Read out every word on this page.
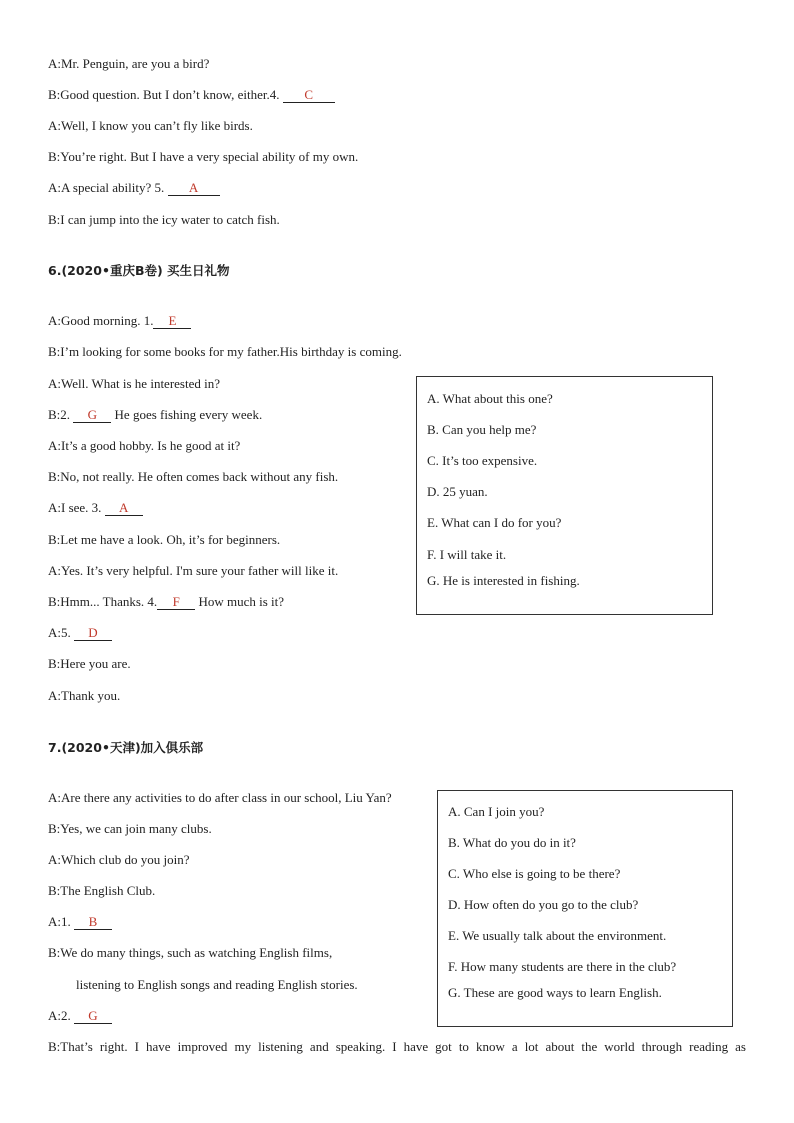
A:Mr. Penguin, are you a bird?
B:Good question. But I don’t know, either.4. C
A:Well, I know you can’t fly like birds.
B:You’re right. But I have a very special ability of my own.
A:A special ability? 5. A
B:I can jump into the icy water to catch fish.
6.(2020•重庆B卷) 买生日礼物
A:Good morning. 1. E
B:I’m looking for some books for my father.His birthday is coming.
A:Well. What is he interested in?
B:2. G He goes fishing every week.
A:It’s a good hobby. Is he good at it?
B:No, not really. He often comes back without any fish.
A:I see. 3. A
B:Let me have a look. Oh, it’s for beginners.
A:Yes. It’s very helpful. I'm sure your father will like it.
B:Hmm... Thanks. 4. F How much is it?
A:5. D
B:Here you are.
A:Thank you.
A. What about this one?
B. Can you help me?
C. It’s too expensive.
D. 25 yuan.
E. What can I do for you?
F. I will take it.
G. He is interested in fishing.
7.(2020•天津)加入俱乐部
A:Are there any activities to do after class in our school, Liu Yan?
B:Yes, we can join many clubs.
A:Which club do you join?
B:The English Club.
A:1. B
B:We do many things, such as watching English films,
listening to English songs and reading English stories.
A:2. G
B:That’s right. I have improved my listening and speaking. I have got to know a lot about the world through reading as
A. Can I join you?
B. What do you do in it?
C. Who else is going to be there?
D. How often do you go to the club?
E. We usually talk about the environment.
F. How many students are there in the club?
G. These are good ways to learn English.
